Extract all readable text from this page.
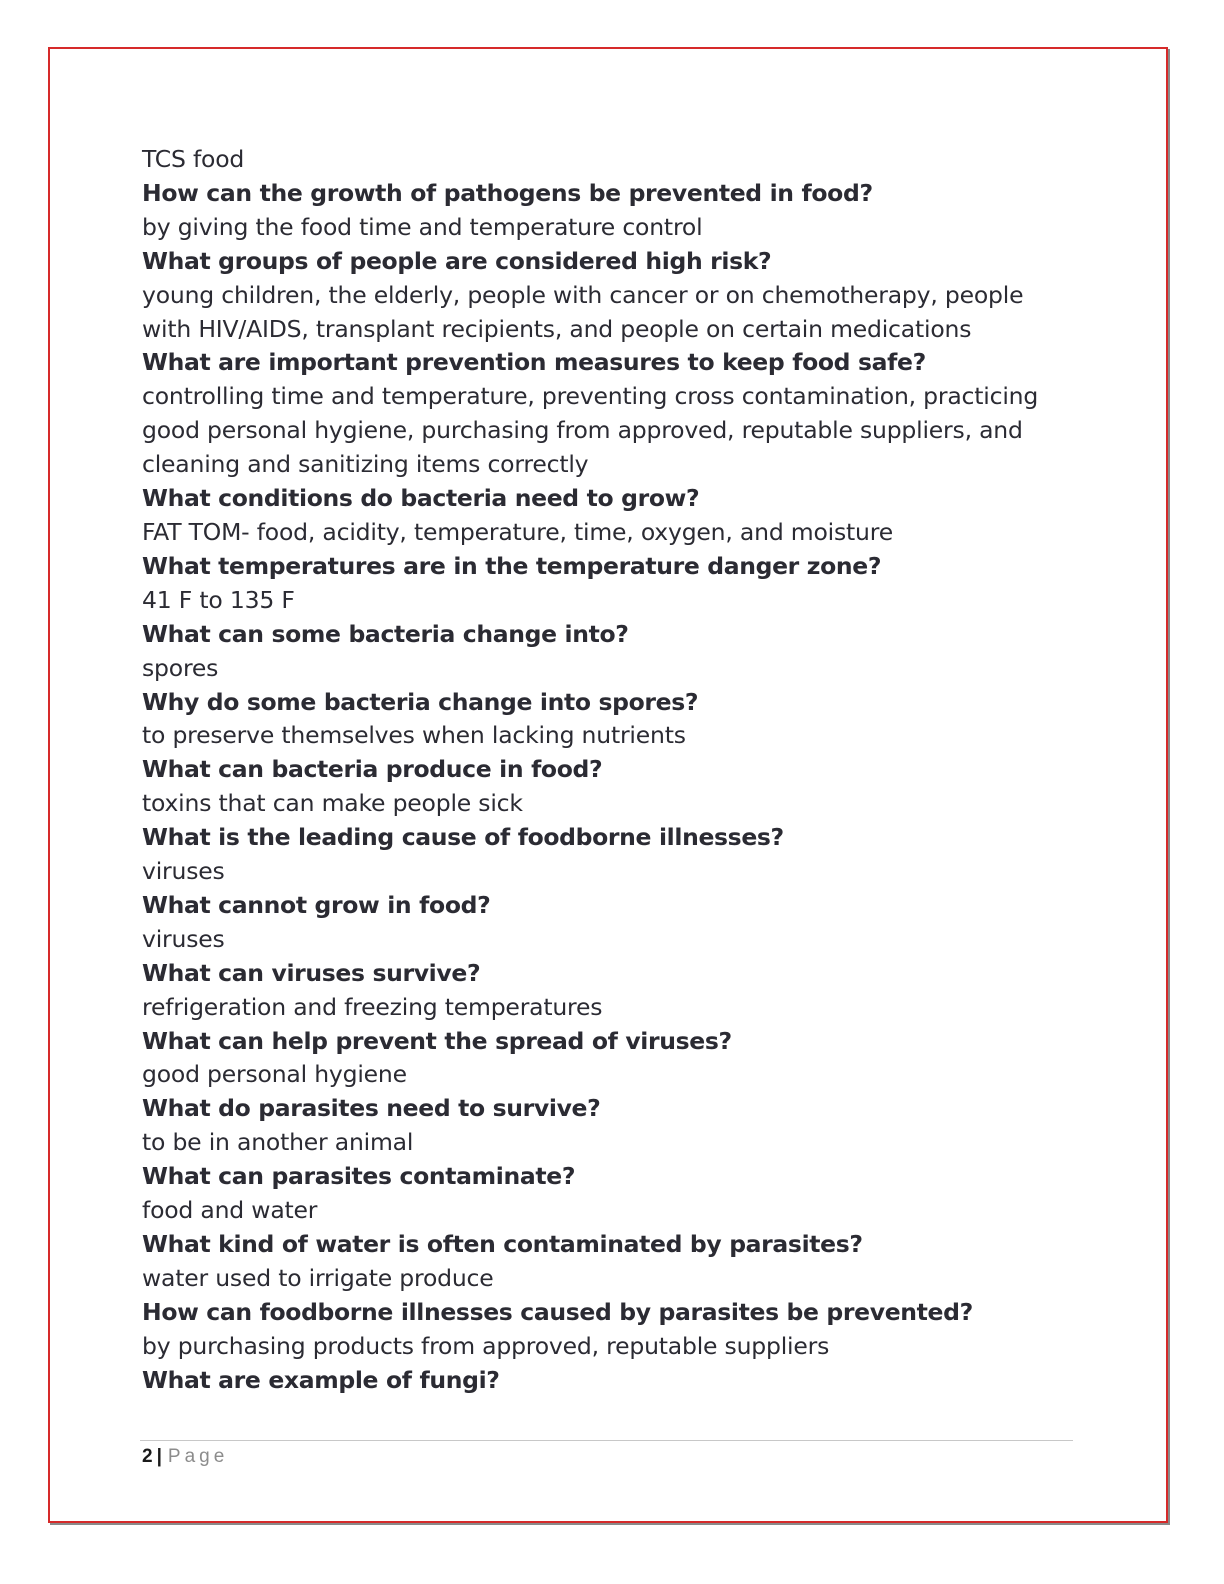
TCS food
How can the growth of pathogens be prevented in food?
by giving the food time and temperature control
What groups of people are considered high risk?
young children, the elderly, people with cancer or on chemotherapy, people
with HIV/AIDS, transplant recipients, and people on certain medications
What are important prevention measures to keep food safe?
controlling time and temperature, preventing cross contamination, practicing
good personal hygiene, purchasing from approved, reputable suppliers, and
cleaning and sanitizing items correctly
What conditions do bacteria need to grow?
FAT TOM- food, acidity, temperature, time, oxygen, and moisture
What temperatures are in the temperature danger zone?
41 F to 135 F
What can some bacteria change into?
spores
Why do some bacteria change into spores?
to preserve themselves when lacking nutrients
What can bacteria produce in food?
toxins that can make people sick
What is the leading cause of foodborne illnesses?
viruses
What cannot grow in food?
viruses
What can viruses survive?
refrigeration and freezing temperatures
What can help prevent the spread of viruses?
good personal hygiene
What do parasites need to survive?
to be in another animal
What can parasites contaminate?
food and water
What kind of water is often contaminated by parasites?
water used to irrigate produce
How can foodborne illnesses caused by parasites be prevented?
by purchasing products from approved, reputable suppliers
What are example of fungi?
2 | Page
